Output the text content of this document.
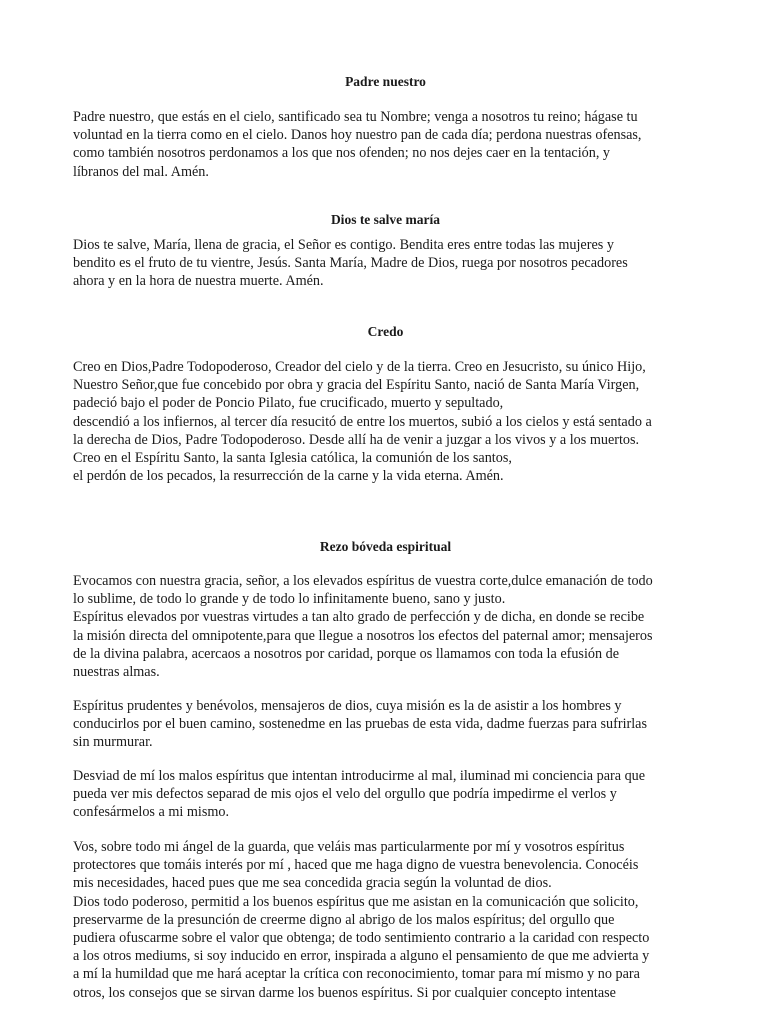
Padre nuestro
Padre nuestro, que estás en el cielo, santificado sea tu Nombre; venga a nosotros tu reino; hágase tu
voluntad en la tierra como en el cielo. Danos hoy nuestro pan de cada día; perdona nuestras ofensas,
como también nosotros perdonamos a los que nos ofenden; no nos dejes caer en la tentación, y
líbranos del mal. Amén.
Dios te salve maría
Dios te salve, María, llena de gracia, el Señor es contigo. Bendita eres entre todas las mujeres y
bendito es el fruto de tu vientre, Jesús. Santa María, Madre de Dios, ruega por nosotros pecadores
ahora y en la hora de nuestra muerte. Amén.
Credo
Creo en Dios,Padre Todopoderoso, Creador del cielo y de la tierra. Creo en Jesucristo, su único Hijo,
Nuestro Señor,que fue concebido por obra y gracia del Espíritu Santo, nació de Santa María Virgen,
padeció bajo el poder de Poncio Pilato, fue crucificado, muerto y sepultado,
descendió a los infiernos, al tercer día resucitó de entre los muertos, subió a los cielos y está sentado a
la derecha de Dios, Padre Todopoderoso. Desde allí ha de venir a juzgar a los vivos y a los muertos.
Creo en el Espíritu Santo, la santa Iglesia católica, la comunión de los santos,
el perdón de los pecados, la resurrección de la carne y la vida eterna. Amén.
Rezo bóveda espiritual
Evocamos con nuestra gracia, señor, a los elevados espíritus de vuestra corte,dulce emanación de todo
lo sublime, de todo lo grande y de todo lo infinitamente bueno, sano y justo.
Espíritus elevados por vuestras virtudes a tan alto grado de perfección y de dicha, en donde se recibe
la misión directa del omnipotente,para que llegue a nosotros los efectos del paternal amor; mensajeros
de la divina palabra, acercaos a nosotros por caridad, porque os llamamos con toda la efusión de
nuestras almas.
Espíritus prudentes y benévolos, mensajeros de dios, cuya misión es la de asistir a los hombres y
conducirlos por el buen camino, sostenedme en las pruebas de esta vida, dadme fuerzas para sufrirlas
sin murmurar.
Desviad de mí los malos espíritus que intentan introducirme al mal, iluminad mi conciencia para que
pueda ver mis defectos separad de mis ojos el velo del orgullo que podría impedirme el verlos y
confesármelos a mi mismo.
Vos, sobre todo mi ángel de la guarda, que veláis mas particularmente por mí y vosotros espíritus
protectores que tomáis interés por mí , haced que me haga digno de vuestra benevolencia. Conocéis
mis necesidades, haced pues que me sea concedida gracia según la voluntad de dios.
Dios todo poderoso, permitid a los buenos espíritus que me asistan en la comunicación que solicito,
preservarme de la presunción de creerme digno al abrigo de los malos espíritus; del orgullo que
pudiera ofuscarme sobre el valor que obtenga; de todo sentimiento contrario a la caridad con respecto
a los otros mediums, si soy inducido en error, inspirada a alguno el pensamiento de que me advierta y
a mí la humildad que me hará aceptar la crítica con reconocimiento, tomar para mí mismo y no para
otros, los consejos que se sirvan darme los buenos espíritus. Si por cualquier concepto intentase
